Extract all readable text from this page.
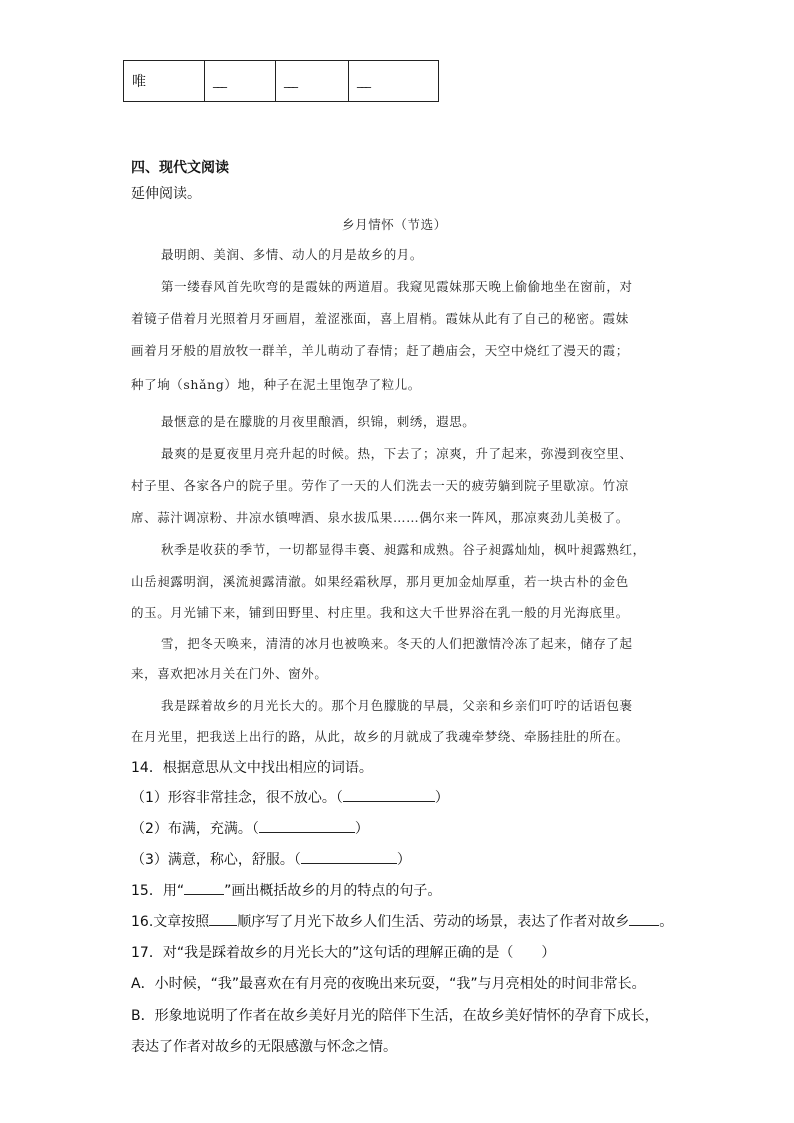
唯	___	___	___
四、现代文阅读
延伸阅读。
乡月情怀（节选）
最明朗、美润、多情、动人的月是故乡的月。
第一缕春风首先吹弯的是霞妹的两道眉。我窥见霞妹那天晚上偷偷地坐在窗前，对
着镜子借着月光照着月牙画眉，羞涩涨面，喜上眉梢。霞妹从此有了自己的秘密。霞妹
画着月牙般的眉放牧一群羊，羊儿萌动了春情；赶了趟庙会，天空中烧红了漫天的霞；
种了垧（shǎng）地，种子在泥土里饱孕了粒儿。
最惬意的是在朦胧的月夜里酿酒，织锦，刺绣，遐思。
最爽的是夏夜里月亮升起的时候。热，下去了；凉爽，升了起来，弥漫到夜空里、
村子里、各家各户的院子里。劳作了一天的人们洗去一天的疲劳躺到院子里歇凉。竹凉
席、蒜汁调凉粉、井凉水镇啤酒、泉水拔瓜果……偶尔来一阵风，那凉爽劲儿美极了。
秋季是收获的季节，一切都显得丰裛、昶露和成熟。谷子昶露灿灿，枫叶昶露熟红，
山岳昶露明润，溪流昶露清澈。如果经霜秋厚，那月更加金灿厚重，若一块古朴的金色
的玉。月光铺下来，铺到田野里、村庄里。我和这大千世界浴在乳一般的月光海底里。
雪，把冬天唤来，清清的冰月也被唤来。冬天的人们把激情冷冻了起来，储存了起
来，喜欢把冰月关在门外、窗外。
我是踩着故乡的月光长大的。那个月色朦胧的早晨，父亲和乡亲们叮咛的话语包裹
在月光里，把我送上出行的路，从此，故乡的月就成了我魂牵梦绕、牵肠挂肚的所在。
14．根据意思从文中找出相应的词语。
（1）形容非常挂念，很不放心。（	）
（2）布满，充满。（	）
（3）满意，称心，舒服。（	）
15．用“	”画出概括故乡的月的特点的句子。
16.文章按照 顺序写了月光下故乡人们生活、劳动的场景，表达了作者对故乡 。
17．对“我是踩着故乡的月光长大的”这句话的理解正确的是（　　）
A．小时候，“我”最喜欢在有月亮的夜晚出来玩耍，“我”与月亮相处的时间非常长。
B．形象地说明了作者在故乡美好月光的陪伴下生活，在故乡美好情怀的孕育下成长，
表达了作者对故乡的无限感激与怀念之情。
